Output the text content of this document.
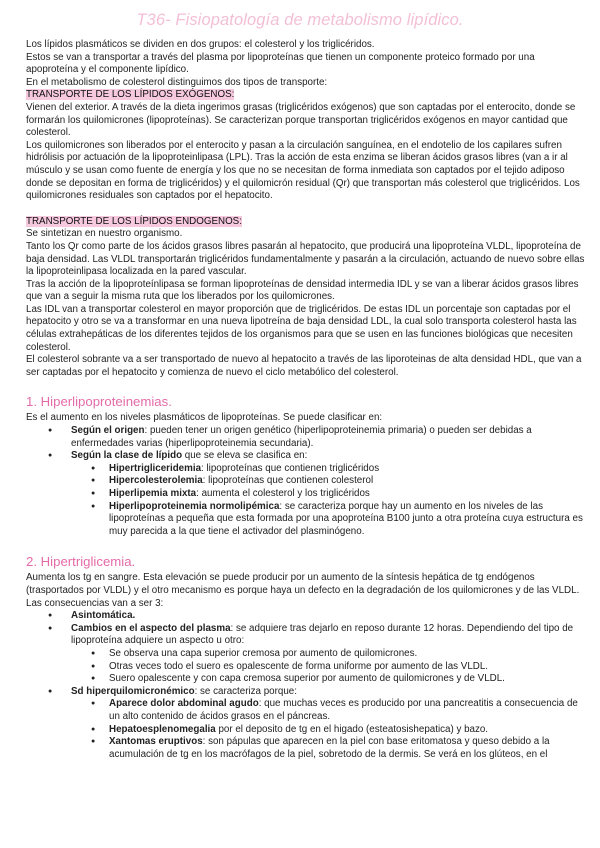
T36- Fisiopatología de metabolismo lipídico.

Los lípidos plasmáticos se dividen en dos grupos: el colesterol y los triglicéridos.

Estos se van a transportar a través del plasma por lipoproteínas que tienen un componente proteico formado por una apoproteína y el componente lipídico.

En el metabolismo de colesterol distinguimos dos tipos de transporte:

TRANSPORTE DE LOS LÍPIDOS EXÓGENOS:

Vienen del exterior. A través de la dieta ingerimos grasas (triglicéridos exógenos) que son captadas por el enterocito, donde se formarán los quilomicrones (lipoproteínas). Se caracterizan porque transportan triglicéridos exógenos en mayor cantidad que colesterol.

Los quilomicrones son liberados por el enterocito y pasan a la circulación sanguínea, en el endotelio de los capilares sufren hidrólisis por actuación de la lipoproteinlipasa (LPL). Tras la acción de esta enzima se liberan ácidos grasos libres (van a ir al músculo y se usan como fuente de energía y los que no se necesitan de forma inmediata son captados por el tejido adiposo donde se depositan en forma de triglicéridos) y el quilomicrón residual (Qr) que transportan más colesterol que triglicéridos. Los quilomicrones residuales son captados por el hepatocito.

TRANSPORTE DE LOS LÍPIDOS ENDOGENOS:

Se sintetizan en nuestro organismo.

Tanto los Qr como parte de los ácidos grasos libres pasarán al hepatocito, que producirá una lipoproteína VLDL, lipoproteína de baja densidad. Las VLDL transportarán triglicéridos fundamentalmente y pasarán a la circulación, actuando de nuevo sobre ellas la lipoproteinlipasa localizada en la pared vascular.

Tras la acción de la lipoproteínlipasa se forman lipoproteínas de densidad intermedia IDL y se van a liberar ácidos grasos libres que van a seguir la misma ruta que los liberados por los quilomicrones.

Las IDL van a transportar colesterol en mayor proporción que de triglicéridos. De estas IDL un porcentaje son captadas por el hepatocito y otro se va a transformar en una nueva lipotreína de baja densidad LDL, la cual solo transporta colesterol hasta las células extrahepáticas de los diferentes tejidos de los organismos para que se usen en las funciones biológicas que necesiten colesterol.

El colesterol sobrante va a ser transportado de nuevo al hepatocito a través de las liporoteinas de alta densidad HDL, que van a ser captadas por el hepatocito y comienza de nuevo el ciclo metabólico del colesterol.

1. Hiperlipoproteinemias.

Es el aumento en los niveles plasmáticos de lipoproteínas. Se puede clasificar en:

● Según el origen: pueden tener un origen genético (hiperlipoproteinemia primaria) o pueden ser debidas a enfermedades varias (hiperlipoproteinemia secundaria).
● Según la clase de lípido que se eleva se clasifica en:
● Hipertrigliceridemia: lipoproteínas que contienen triglicéridos
● Hipercolesterolemia: lipoproteínas que contienen colesterol
● Hiperlipemia mixta: aumenta el colesterol y los triglicéridos
● Hiperlipoproteinemia normolipémica: se caracteriza porque hay un aumento en los niveles de las lipoproteínas a pequeña que esta formada por una apoproteína B100 junto a otra proteína cuya estructura es muy parecida a la que tiene el activador del plasminógeno.
2. Hipertriglicemia.

Aumenta los tg en sangre. Esta elevación se puede producir por un aumento de la síntesis hepática de tg endógenos (trasportados por VLDL) y el otro mecanismo es porque haya un defecto en la degradación de los quilomicrones y de las VLDL.

Las consecuencias van a ser 3:

● Asintomática.
● Cambios en el aspecto del plasma: se adquiere tras dejarlo en reposo durante 12 horas. Dependiendo del tipo de lipoproteína adquiere un aspecto u otro:
● Se observa una capa superior cremosa por aumento de quilomicrones.
● Otras veces todo el suero es opalescente de forma uniforme por aumento de las VLDL.
● Suero opalescente y con capa cremosa superior por aumento de quilomicrones y de VLDL.
● Sd hiperquilomicronémico: se caracteriza porque:
● Aparece dolor abdominal agudo: que muchas veces es producido por una pancreatitis a consecuencia de un alto contenido de ácidos grasos en el páncreas.
● Hepatoesplenomegalia por el deposito de tg en el higado (esteatosishepatica) y bazo.
● Xantomas eruptivos: son pápulas que aparecen en la piel con base eritomatosa y queso debido a la acumulación de tg en los macrófagos de la piel, sobretodo de la dermis. Se verá en los glúteos, en el
